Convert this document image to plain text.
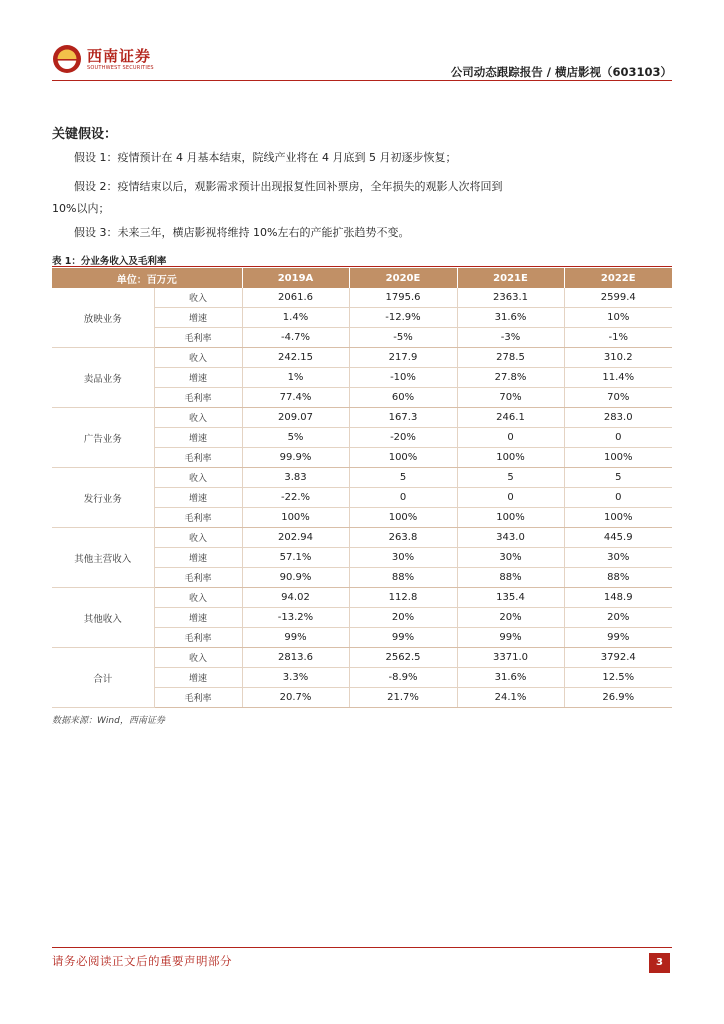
西南证券
SOUTHWEST SECURITIES	公司动态跟踪报告 / 横店影视（603103）
关键假设：
假设 1：疫情预计在 4 月基本结束，院线产业将在 4 月底到 5 月初逐步恢复；
假设 2：疫情结束以后，观影需求预计出现报复性回补票房，全年损失的观影人次将回到 10%以内；
假设 3：未来三年，横店影视将维持 10%左右的产能扩张趋势不变。
表 1：分业务收入及毛利率
单位：百万元		2019A	2020E	2021E	2022E
放映业务	收入	2061.6	1795.6	2363.1	2599.4
	增速	1.4%	-12.9%	31.6%	10%
	毛利率	-4.7%	-5%	-3%	-1%
卖品业务	收入	242.15	217.9	278.5	310.2
	增速	1%	-10%	27.8%	11.4%
	毛利率	77.4%	60%	70%	70%
广告业务	收入	209.07	167.3	246.1	283.0
	增速	5%	-20%	0	0
	毛利率	99.9%	100%	100%	100%
发行业务	收入	3.83	5	5	5
	增速	-22.%	0	0	0
	毛利率	100%	100%	100%	100%
其他主营收入	收入	202.94	263.8	343.0	445.9
	增速	57.1%	30%	30%	30%
	毛利率	90.9%	88%	88%	88%
其他收入	收入	94.02	112.8	135.4	148.9
	增速	-13.2%	20%	20%	20%
	毛利率	99%	99%	99%	99%
合计	收入	2813.6	2562.5	3371.0	3792.4
	增速	3.3%	-8.9%	31.6%	12.5%
	毛利率	20.7%	21.7%	24.1%	26.9%
数据来源：Wind，西南证券
请务必阅读正文后的重要声明部分	3
